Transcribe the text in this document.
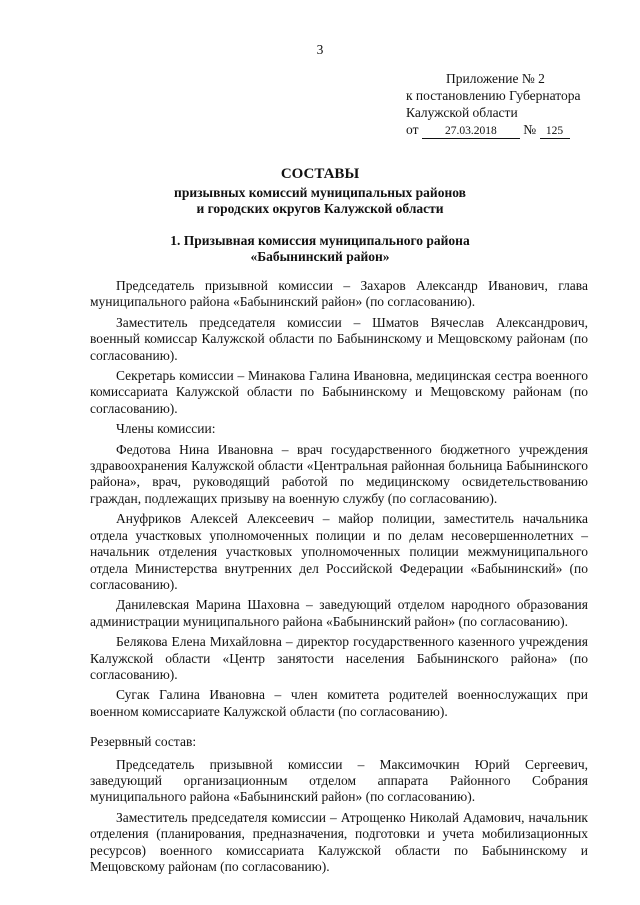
3
Приложение № 2
к постановлению Губернатора
Калужской области
от 27.03.2018 № 125
СОСТАВЫ
призывных комиссий муниципальных районов
и городских округов Калужской области
1. Призывная комиссия муниципального района
«Бабынинский район»

Председатель призывной комиссии – Захаров Александр Иванович, глава муниципального района «Бабынинский район» (по согласованию).

Заместитель председателя комиссии – Шматов Вячеслав Александрович, военный комиссар Калужской области по Бабынинскому и Мещовскому районам (по согласованию).

Секретарь комиссии – Минакова Галина Ивановна, медицинская сестра военного комиссариата Калужской области по Бабынинскому и Мещовскому районам (по согласованию).

Члены комиссии:

Федотова Нина Ивановна – врач государственного бюджетного учреждения здравоохранения Калужской области «Центральная районная больница Бабынинского района», врач, руководящий работой по медицинскому освидетельствованию граждан, подлежащих призыву на военную службу (по согласованию).

Ануфриков Алексей Алексеевич – майор полиции, заместитель начальника отдела участковых уполномоченных полиции и по делам несовершеннолетних – начальник отделения участковых уполномоченных полиции межмуниципального отдела Министерства внутренних дел Российской Федерации «Бабынинский» (по согласованию).

Данилевская Марина Шаховна – заведующий отделом народного образования администрации муниципального района «Бабынинский район» (по согласованию).

Белякова Елена Михайловна – директор государственного казенного учреждения Калужской области «Центр занятости населения Бабынинского района» (по согласованию).

Сугак Галина Ивановна – член комитета родителей военнослужащих при военном комиссариате Калужской области (по согласованию).

Резервный состав:

Председатель призывной комиссии – Максимочкин Юрий Сергеевич, заведующий организационным отделом аппарата Районного Собрания муниципального района «Бабынинский район» (по согласованию).

Заместитель председателя комиссии – Атрощенко Николай Адамович, начальник отделения (планирования, предназначения, подготовки и учета мобилизационных ресурсов) военного комиссариата Калужской области по Бабынинскому и Мещовскому районам (по согласованию).
